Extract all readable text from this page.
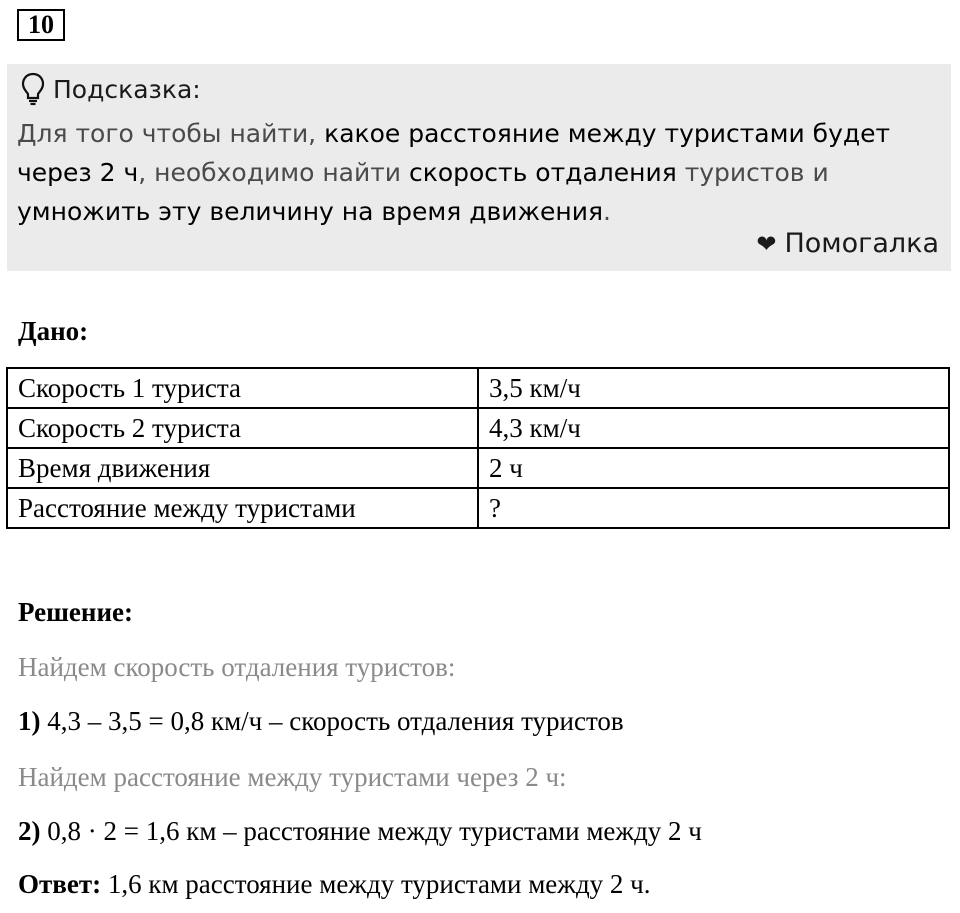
10
Подсказка:
Для того чтобы найти, какое расстояние между туристами будет через 2 ч, необходимо найти скорость отдаления туристов и умножить эту величину на время движения.
❤ Помогалка
Дано:
Скорость 1 туриста	3,5 км/ч
Скорость 2 туриста	4,3 км/ч
Время движения	2 ч
Расстояние между туристами	?
Решение:
Найдем скорость отдаления туристов:
1) 4,3 – 3,5 = 0,8 км/ч – скорость отдаления туристов
Найдем расстояние между туристами через 2 ч:
2) 0,8 · 2 = 1,6 км – расстояние между туристами между 2 ч
Ответ: 1,6 км расстояние между туристами между 2 ч.
